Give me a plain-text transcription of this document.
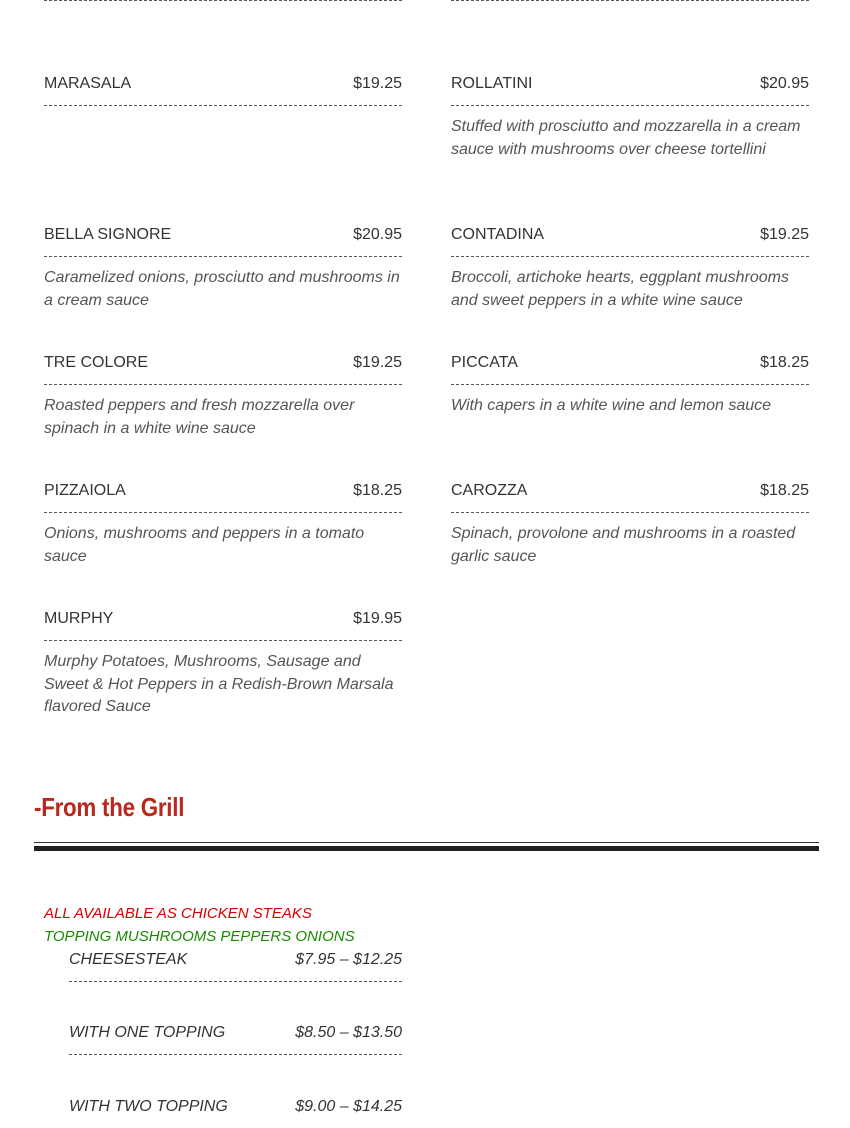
MARASALA	$19.25
BELLA SIGNORE	$20.95
Caramelized onions, prosciutto and mushrooms in a cream sauce
TRE COLORE	$19.25
Roasted peppers and fresh mozzarella over spinach in a white wine sauce
PIZZAIOLA	$18.25
Onions, mushrooms and peppers in a tomato sauce
MURPHY	$19.95
Murphy Potatoes, Mushrooms, Sausage and Sweet & Hot Peppers in a Redish-Brown Marsala flavored Sauce
ROLLATINI	$20.95
Stuffed with prosciutto and mozzarella in a cream sauce with mushrooms over cheese tortellini
CONTADINA	$19.25
Broccoli, artichoke hearts, eggplant mushrooms and sweet peppers in a white wine sauce
PICCATA	$18.25
With capers in a white wine and lemon sauce
CAROZZA	$18.25
Spinach, provolone and mushrooms in a roasted garlic sauce
-From the Grill
ALL AVAILABLE AS CHICKEN STEAKS
TOPPING MUSHROOMS PEPPERS ONIONS
CHEESESTEAK	$7.95 – $12.25
WITH ONE TOPPING	$8.50 – $13.50
WITH TWO TOPPING	$9.00 – $14.25
